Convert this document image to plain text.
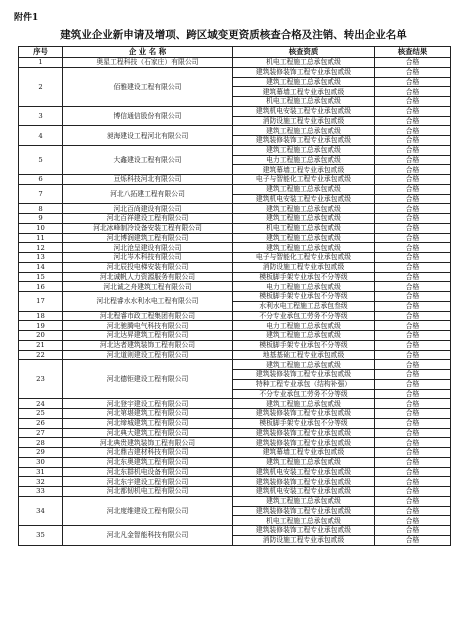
附件1
建筑业企业新申请及增项、跨区域变更资质核查合格及注销、转出企业名单
序号	企 业 名 称	核查资质	核查结果
1	奥星工程科技（石家庄）有限公司	机电工程施工总承包贰级	合格
2	佰雅建设工程有限公司	建筑装修装饰工程专业承包贰级	合格
		建筑工程施工总承包贰级	合格
		建筑幕墙工程专业承包贰级	合格
		机电工程施工总承包贰级	合格
3	博信通信股份有限公司	建筑机电安装工程专业承包贰级	合格
		消防设施工程专业承包贰级	合格
4	昶海建设工程河北有限公司	建筑工程施工总承包贰级	合格
		建筑装修装饰工程专业承包贰级	合格
5	大鑫建设工程有限公司	建筑工程施工总承包贰级	合格
		电力工程施工总承包贰级	合格
		建筑幕墙工程专业承包贰级	合格
6	亘烁科技河北有限公司	电子与智能化工程专业承包贰级	合格
7	河北八拓建工程有限公司	建筑工程施工总承包贰级	合格
		建筑机电安装工程专业承包贰级	合格
8	河北百尚建设有限公司	建筑工程施工总承包贰级	合格
9	河北百祥建设工程有限公司	建筑工程施工总承包贰级	合格
10	河北冰峰制冷设备安装工程有限公司	机电工程施工总承包贰级	合格
11	河北博润建筑工程有限公司	建筑工程施工总承包贰级	合格
12	河北沧呈建设有限公司	建筑工程施工总承包贰级	合格
13	河北岑木科技有限公司	电子与智能化工程专业承包贰级	合格
14	河北辰投电梯安装有限公司	消防设施工程专业承包贰级	合格
15	河北诚帆人力资源服务有限公司	模板脚手架专业承包不分等级	合格
16	河北诚之舟建筑工程有限公司	电力工程施工总承包贰级	合格
17	河北程睿水水利水电工程有限公司	模板脚手架专业承包不分等级	合格
		水利水电工程施工总承包叁级	合格
18	河北程睿市政工程集团有限公司	不分专业承包工劳务不分等级	合格
19	河北驰腾电气科技有限公司	电力工程施工总承包贰级	合格
20	河北达昇建筑工程有限公司	建筑工程施工总承包贰级	合格
21	河北达者建筑装饰工程有限公司	模板脚手架专业承包不分等级	合格
22	河北道则建设工程有限公司	地基基础工程专业承包贰级	合格
23	河北德钜建设工程有限公司	建筑工程施工总承包贰级	合格
		建筑装修装饰工程专业承包贰级	合格
		特种工程专业承包（结构补强）	合格
		不分专业承包工劳务不分等级	合格
24	河北登宇建设工程有限公司	建筑工程施工总承包贰级	合格
25	河北第堪建筑工程有限公司	建筑装修装饰工程专业承包贰级	合格
26	河北缔城建筑工程有限公司	模板脚手架专业承包不分等级	合格
27	河北典大建筑工程有限公司	建筑装修装饰工程专业承包贰级	合格
28	河北典贵建筑装饰工程有限公司	建筑装修装饰工程专业承包贰级	合格
29	河北鼎吉建材科技有限公司	建筑幕墙工程专业承包贰级	合格
30	河北东奥建筑工程有限公司	建筑工程施工总承包贰级	合格
31	河北东群机电设备有限公司	建筑机电安装工程专业承包贰级	合格
32	河北东宇建设工程有限公司	建筑装修装饰工程专业承包贰级	合格
33	河北都韧机电工程有限公司	建筑机电安装工程专业承包贰级	合格
34	河北度维建设工程有限公司	建筑工程施工总承包贰级	合格
		建筑装修装饰工程专业承包贰级	合格
		机电工程施工总承包贰级	合格
35	河北凡金智能科技有限公司	建筑装修装饰工程专业承包贰级	合格
		消防设施工程专业承包贰级	合格
